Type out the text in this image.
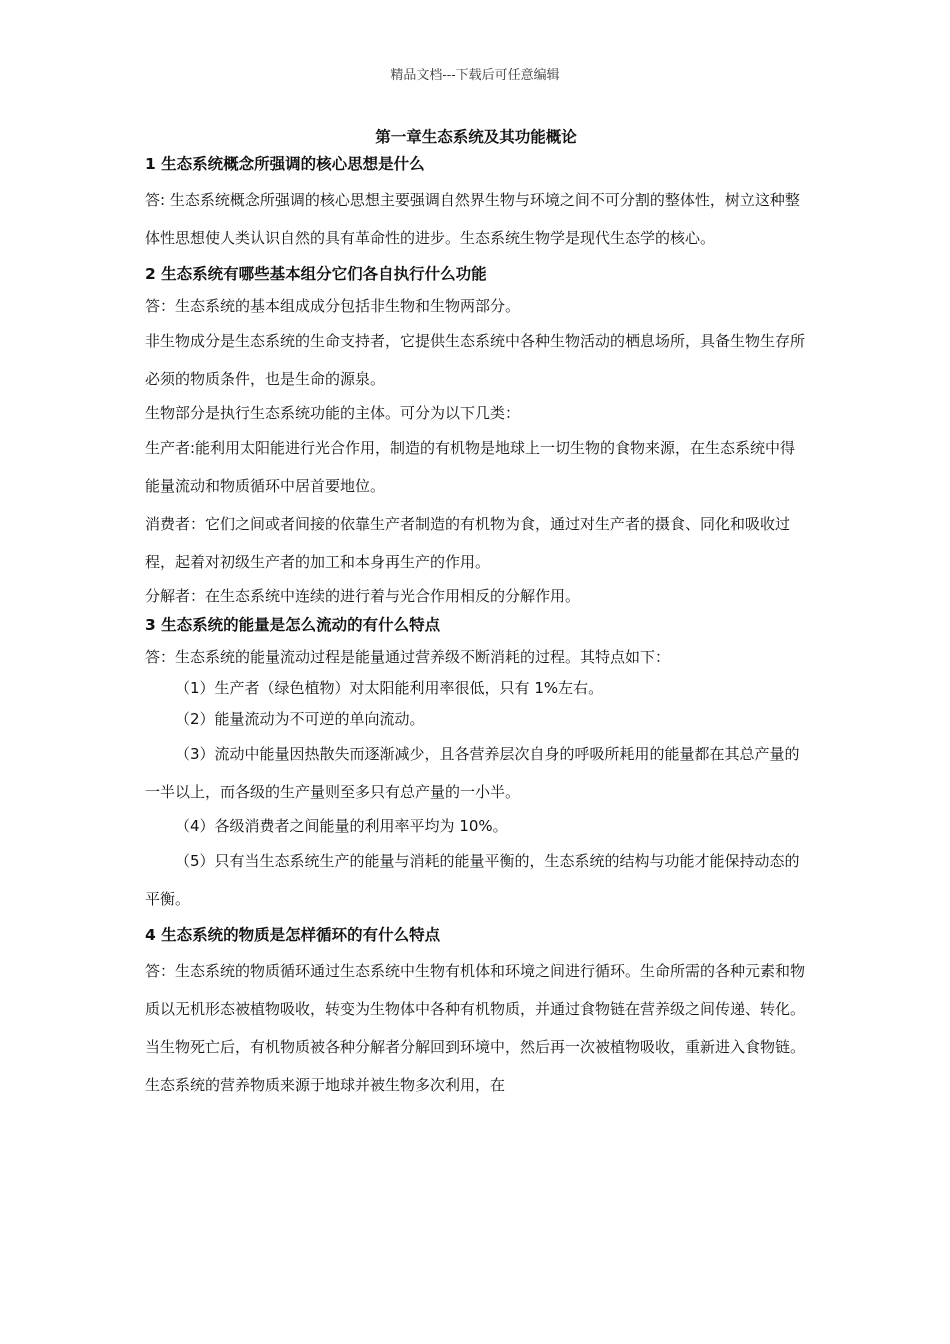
精品文档---下载后可任意编辑
第一章生态系统及其功能概论
1 生态系统概念所强调的核心思想是什么
答: 生态系统概念所强调的核心思想主要强调自然界生物与环境之间不可分割的整体性，树立这种整体性思想使人类认识自然的具有革命性的进步。生态系统生物学是现代生态学的核心。
2 生态系统有哪些基本组分它们各自执行什么功能
答：生态系统的基本组成成分包括非生物和生物两部分。
非生物成分是生态系统的生命支持者，它提供生态系统中各种生物活动的栖息场所，具备生物生存所必须的物质条件，也是生命的源泉。
生物部分是执行生态系统功能的主体。可分为以下几类：
生产者:能利用太阳能进行光合作用，制造的有机物是地球上一切生物的食物来源，在生态系统中得能量流动和物质循环中居首要地位。
消费者：它们之间或者间接的依靠生产者制造的有机物为食，通过对生产者的摄食、同化和吸收过程，起着对初级生产者的加工和本身再生产的作用。
分解者：在生态系统中连续的进行着与光合作用相反的分解作用。
3 生态系统的能量是怎么流动的有什么特点
答：生态系统的能量流动过程是能量通过营养级不断消耗的过程。其特点如下：
（1）生产者（绿色植物）对太阳能利用率很低，只有 1%左右。
（2）能量流动为不可逆的单向流动。
（3）流动中能量因热散失而逐渐减少，且各营养层次自身的呼吸所耗用的能量都在其总产量的一半以上，而各级的生产量则至多只有总产量的一小半。
（4）各级消费者之间能量的利用率平均为 10%。
（5）只有当生态系统生产的能量与消耗的能量平衡的，生态系统的结构与功能才能保持动态的平衡。
4 生态系统的物质是怎样循环的有什么特点
答：生态系统的物质循环通过生态系统中生物有机体和环境之间进行循环。生命所需的各种元素和物质以无机形态被植物吸收，转变为生物体中各种有机物质，并通过食物链在营养级之间传递、转化。当生物死亡后，有机物质被各种分解者分解回到环境中，然后再一次被植物吸收，重新进入食物链。生态系统的营养物质来源于地球并被生物多次利用，在
